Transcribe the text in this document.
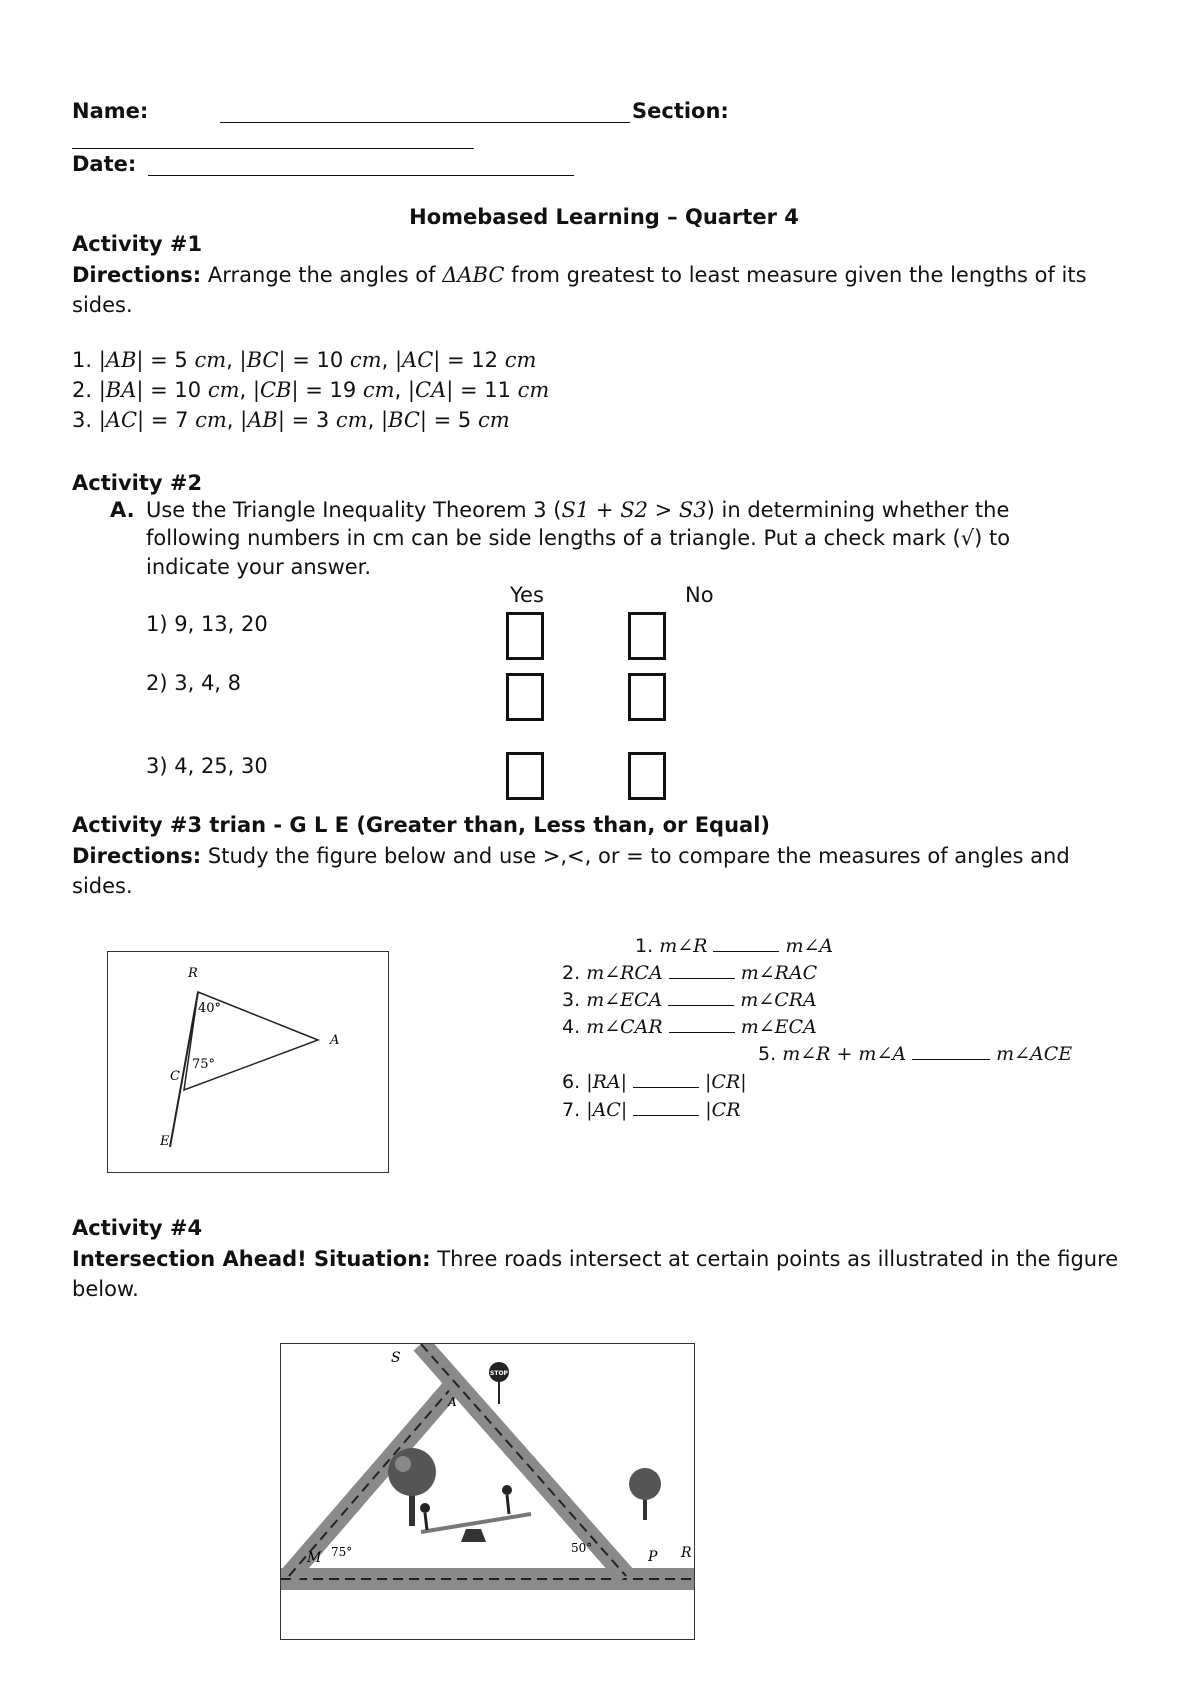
Name:	Section:
Date:
Homebased Learning – Quarter 4
Activity #1
Directions: Arrange the angles of ΔABC from greatest to least measure given the lengths of its sides.
1. |AB| = 5 cm, |BC| = 10 cm, |AC| = 12 cm
2. |BA| = 10 cm, |CB| = 19 cm, |CA| = 11 cm
3. |AC| = 7 cm, |AB| = 3 cm, |BC| = 5 cm
Activity #2
A. Use the Triangle Inequality Theorem 3 (S1 + S2 > S3) in determining whether the
following numbers in cm can be side lengths of a triangle. Put a check mark (√) to
indicate your answer.
Yes	No
1) 9, 13, 20
2) 3, 4, 8
3) 4, 25, 30
Activity #3 trian - G L E (Greater than, Less than, or Equal)
Directions: Study the figure below and use >,<, or = to compare the measures of angles and sides.
R
A
C
E
40°
75°
1. m∠R	m∠A
2. m∠RCA	m∠RAC
3. m∠ECA	m∠CRA
4. m∠CAR	m∠ECA
5. m∠R + m∠A	m∠ACE
6. |RA|	|CR|
7. |AC|	|CR
Activity #4
Intersection Ahead! Situation: Three roads intersect at certain points as illustrated in the figure below.
STOP
S
A
M	P R
75°	50°
